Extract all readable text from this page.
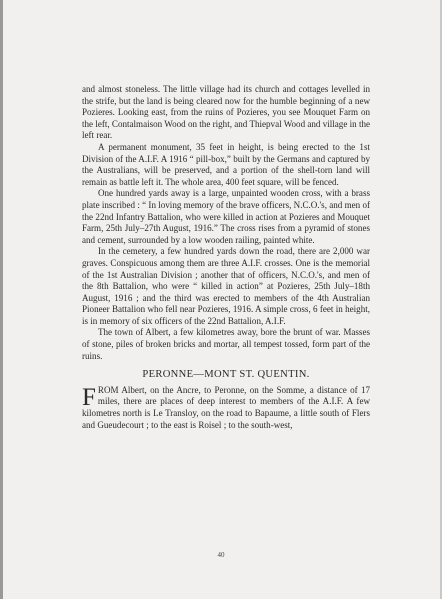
and almost stoneless. The little village had its church and cottages levelled in the strife, but the land is being cleared now for the humble beginning of a new Pozieres. Looking east, from the ruins of Pozieres, you see Mouquet Farm on the left, Contalmaison Wood on the right, and Thiepval Wood and village in the left rear.

A permanent monument, 35 feet in height, is being erected to the 1st Division of the A.I.F. A 1916 “ pill-box,” built by the Germans and captured by the Australians, will be preserved, and a portion of the shell-torn land will remain as battle left it. The whole area, 400 feet square, will be fenced.

One hundred yards away is a large, unpainted wooden cross, with a brass plate inscribed : “ In loving memory of the brave officers, N.C.O.'s, and men of the 22nd Infantry Battalion, who were killed in action at Pozieres and Mouquet Farm, 25th July–27th August, 1916.” The cross rises from a pyramid of stones and cement, surrounded by a low wooden railing, painted white.

In the cemetery, a few hundred yards down the road, there are 2,000 war graves. Conspicuous among them are three A.I.F. crosses. One is the memorial of the 1st Australian Division ; another that of officers, N.C.O.'s, and men of the 8th Battalion, who were “ killed in action” at Pozieres, 25th July–18th August, 1916 ; and the third was erected to members of the 4th Australian Pioneer Battalion who fell near Pozieres, 1916. A simple cross, 6 feet in height, is in memory of six officers of the 22nd Battalion, A.I.F.

The town of Albert, a few kilometres away, bore the brunt of war. Masses of stone, piles of broken bricks and mortar, all tempest tossed, form part of the ruins.

PERONNE—MONT ST. QUENTIN.

FROM Albert, on the Ancre, to Peronne, on the Somme, a distance of 17 miles, there are places of deep interest to members of the A.I.F. A few kilometres north is Le Transloy, on the road to Bapaume, a little south of Flers and Gueudecourt ; to the east is Roisel ; to the south-west,

40
